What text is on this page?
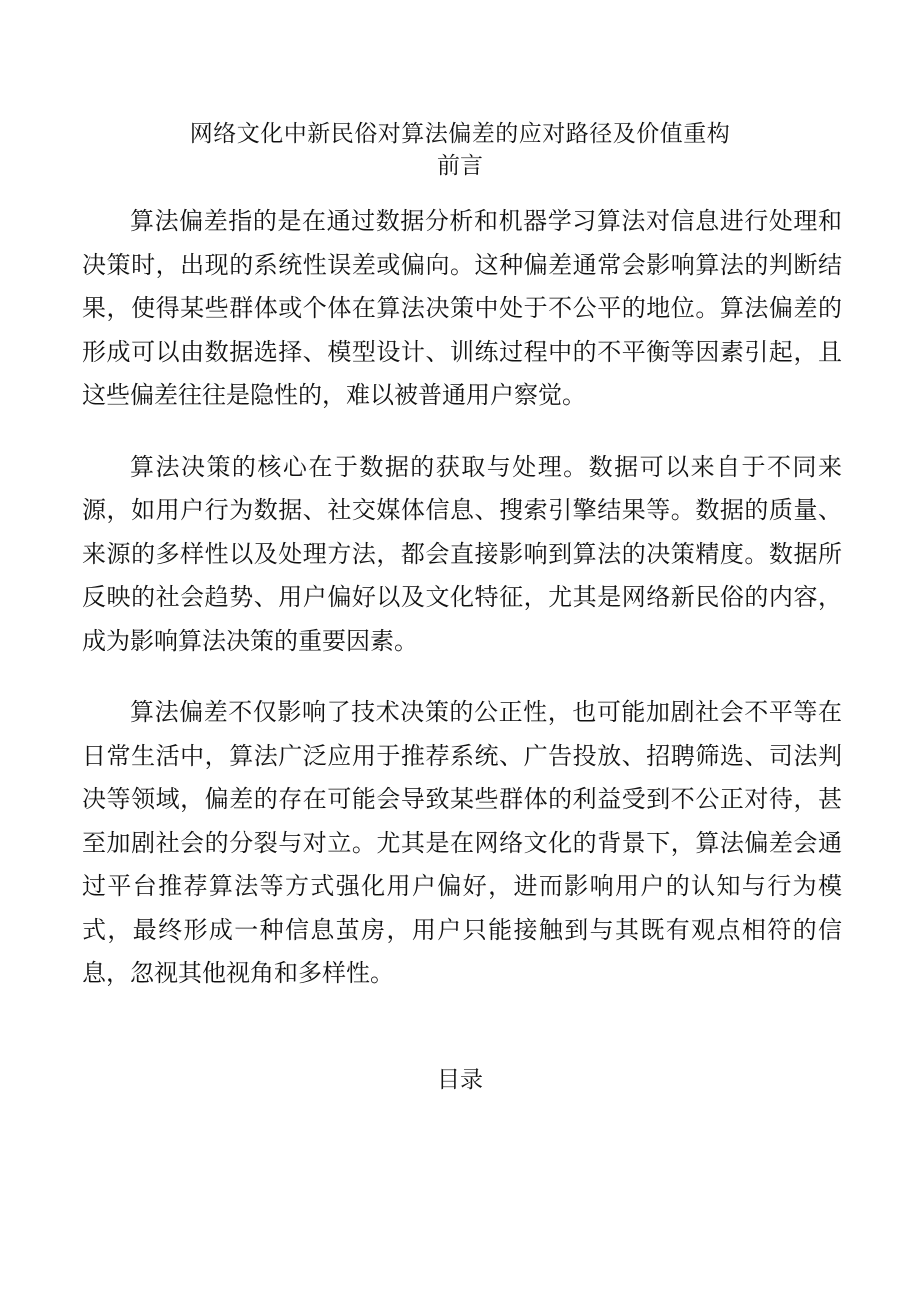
网络文化中新民俗对算法偏差的应对路径及价值重构
前言

算法偏差指的是在通过数据分析和机器学习算法对信息进行处理和决策时，出现的系统性误差或偏向。这种偏差通常会影响算法的判断结果，使得某些群体或个体在算法决策中处于不公平的地位。算法偏差的形成可以由数据选择、模型设计、训练过程中的不平衡等因素引起，且这些偏差往往是隐性的，难以被普通用户察觉。

算法决策的核心在于数据的获取与处理。数据可以来自于不同来源，如用户行为数据、社交媒体信息、搜索引擎结果等。数据的质量、来源的多样性以及处理方法，都会直接影响到算法的决策精度。数据所反映的社会趋势、用户偏好以及文化特征，尤其是网络新民俗的内容，成为影响算法决策的重要因素。

算法偏差不仅影响了技术决策的公正性，也可能加剧社会不平等在日常生活中，算法广泛应用于推荐系统、广告投放、招聘筛选、司法判决等领域，偏差的存在可能会导致某些群体的利益受到不公正对待，甚至加剧社会的分裂与对立。尤其是在网络文化的背景下，算法偏差会通过平台推荐算法等方式强化用户偏好，进而影响用户的认知与行为模式，最终形成一种信息茧房，用户只能接触到与其既有观点相符的信息，忽视其他视角和多样性。

目录
